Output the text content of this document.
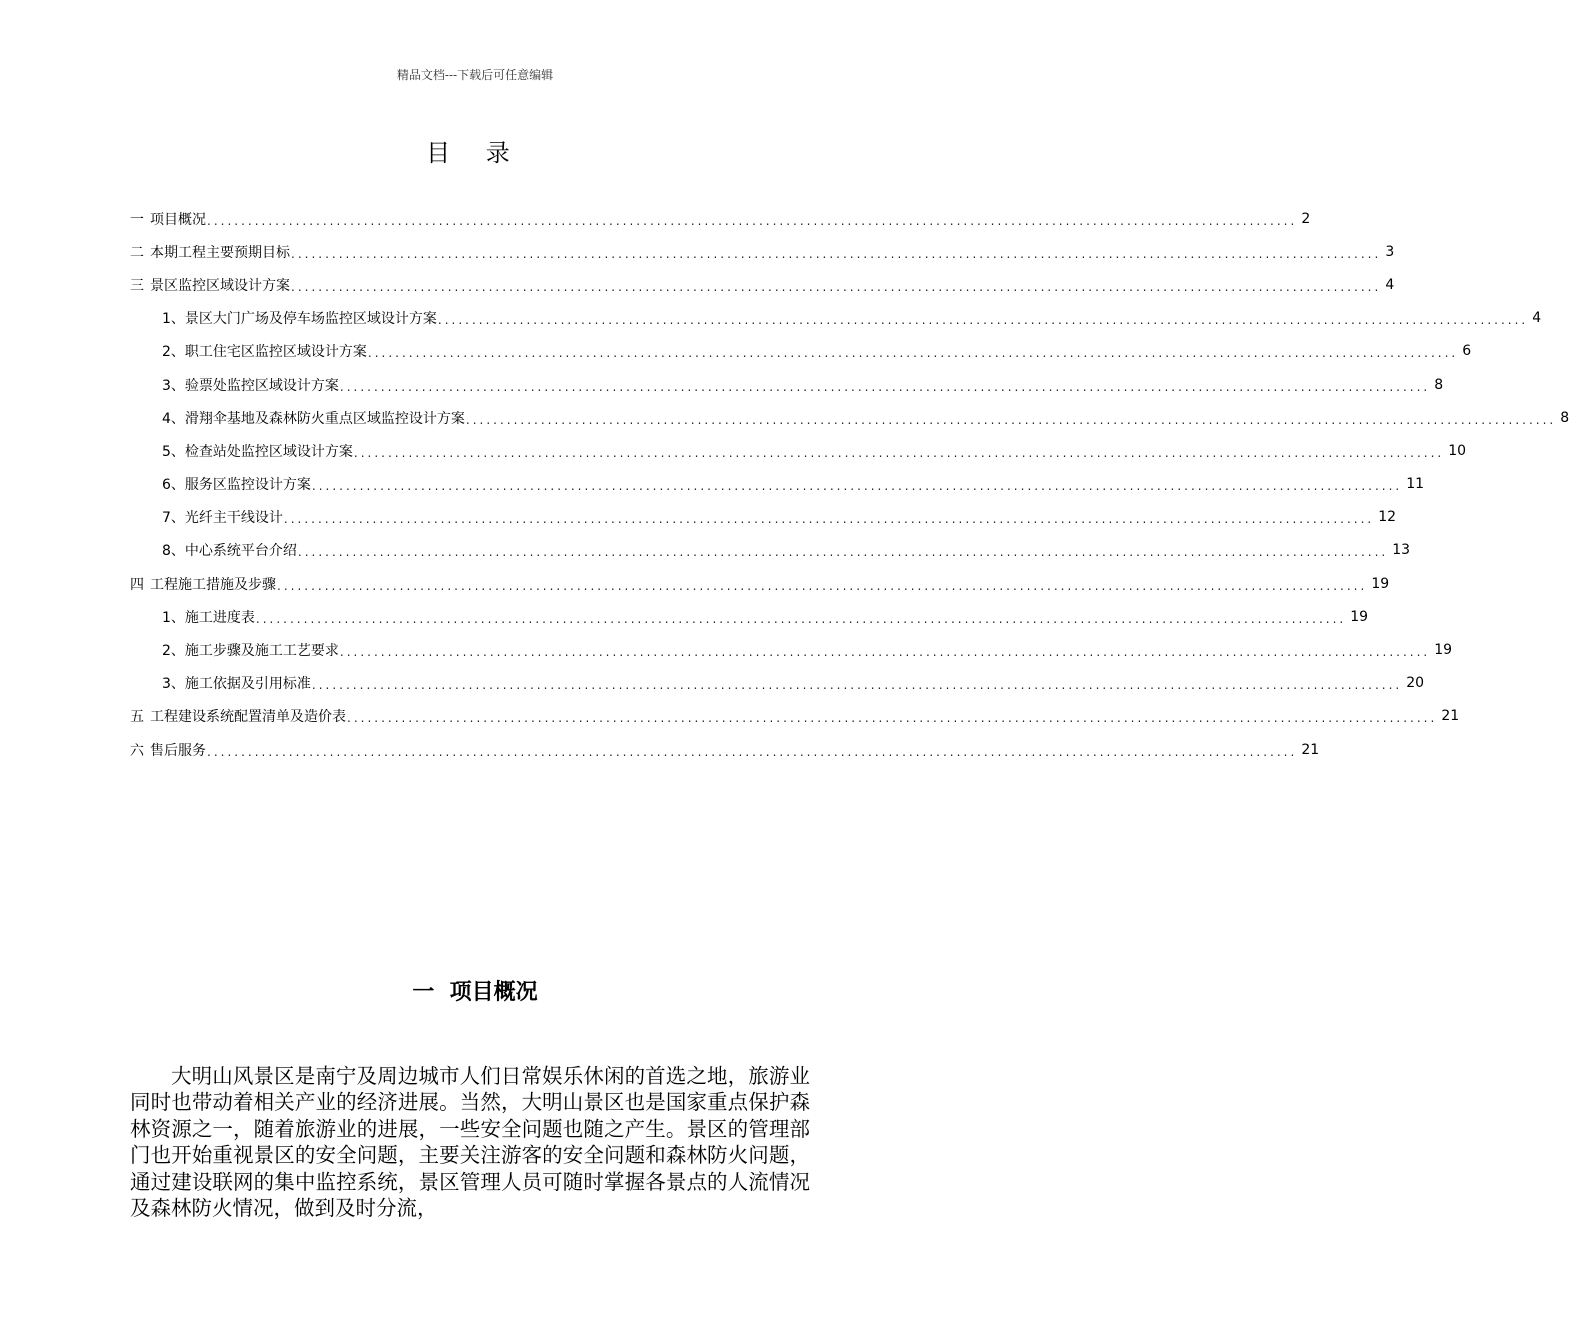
精品文档---下载后可任意编辑
目 录
一 项目概况 ................................................................................................................................................................ 2
二 本期工程主要预期目标 ................................................................................................................................................................ 3
三 景区监控区域设计方案 ................................................................................................................................................................ 4
1、景区大门广场及停车场监控区域设计方案 ................................................................................................................................................................ 4
2、职工住宅区监控区域设计方案 ................................................................................................................................................................ 6
3、验票处监控区域设计方案 ................................................................................................................................................................ 8
4、滑翔伞基地及森林防火重点区域监控设计方案 ................................................................................................................................................................ 8
5、检查站处监控区域设计方案 ................................................................................................................................................................ 10
6、服务区监控设计方案 ................................................................................................................................................................ 11
7、光纤主干线设计 ................................................................................................................................................................ 12
8、中心系统平台介绍 ................................................................................................................................................................ 13
四 工程施工措施及步骤 ................................................................................................................................................................ 19
1、施工进度表 ................................................................................................................................................................ 19
2、施工步骤及施工工艺要求 ................................................................................................................................................................ 19
3、施工依据及引用标准 ................................................................................................................................................................ 20
五 工程建设系统配置清单及造价表 ................................................................................................................................................................ 21
六 售后服务 ................................................................................................................................................................ 21
一  项目概况

大明山风景区是南宁及周边城市人们日常娱乐休闲的首选之地，旅游业同时也带动着相关产业的经济进展。当然，大明山景区也是国家重点保护森林资源之一，随着旅游业的进展，一些安全问题也随之产生。景区的管理部门也开始重视景区的安全问题，主要关注游客的安全问题和森林防火问题，通过建设联网的集中监控系统，景区管理人员可随时掌握各景点的人流情况及森林防火情况，做到及时分流，
